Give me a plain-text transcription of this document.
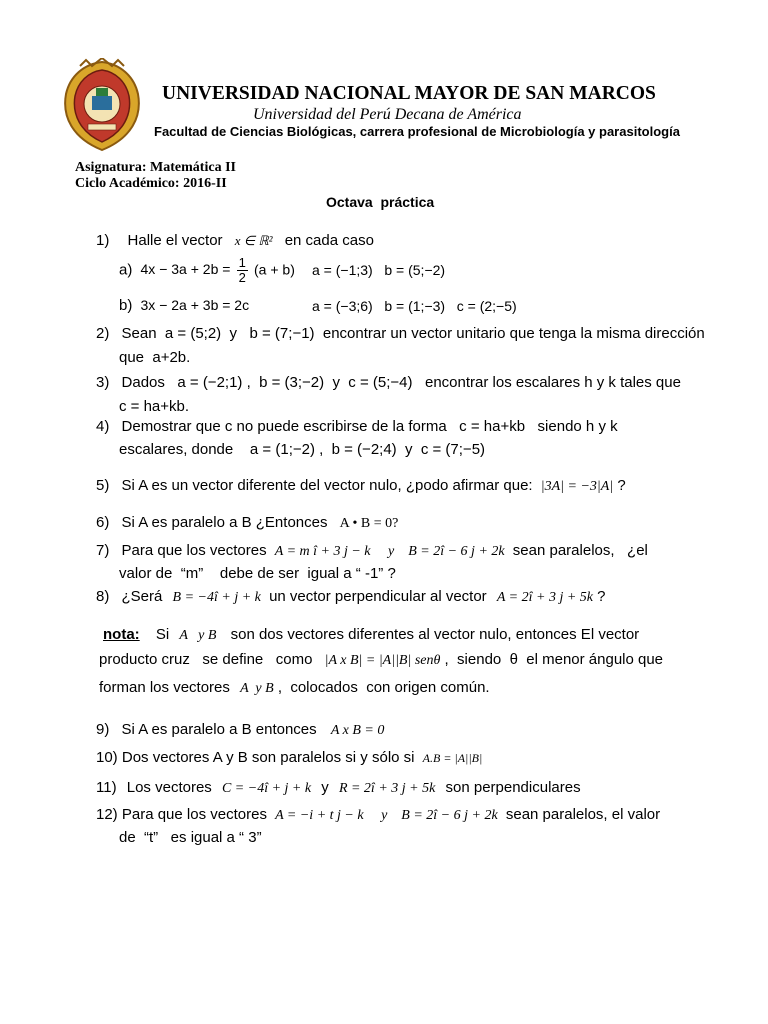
UNIVERSIDAD NACIONAL MAYOR DE SAN MARCOS
Universidad del Perú Decana de América
Facultad de Ciencias Biológicas, carrera profesional de Microbiología y parasitología
Asignatura: Matemática II
Ciclo Académico: 2016-II
Octava  práctica
1) Halle el vector x ∈ ℝ² en cada caso
a) $4x - 3a + 2b = \frac{1}{2} (a + b) a$ = (−1;3)   b = (5;−2)
b) 3x − 2a + 3b = 2c	a = (−3;6)   b = (1;−3)   c = (2;−5)
2) Sean  a = (5;2)  y   b = (7;−1)  encontrar un vector unitario que tenga la misma dirección
que  a+2b.
3) Dados   a = (−2;1) ,  b = (3;−2)  y  c = (5;−4)   encontrar los escalares h y k tales que
c = ha+kb.
4) Demostrar que c no puede escribirse de la forma   c = ha+kb   siendo h y k
escalares, donde    a = (1;−2) ,  b = (−2;4)  y  c = (7;−5)
5) Si A es un vector diferente del vector nulo, ¿podo afirmar que: |3A| = −3|A| ?
6) Si A es paralelo a B ¿Entonces A • B = 0?
7) Para que los vectores A = m î + 3 j − k     y    B = 2î − 6 j + 2k sean paralelos,   ¿el
valor de  “m”    debe de ser  igual a “ -1” ?
8) ¿Será B = −4î + j + k un vector perpendicular al vector A = 2î + 3 j + 5k ?
nota: Si A   y B son dos vectores diferentes al vector nulo, entonces El vector
producto cruz   se define   como |A x B| = |A||B| senθ ,  siendo  θ  el menor ángulo que
forman los vectores A  y B ,  colocados  con origen común.
9) Si A es paralelo a B entonces A x B = 0
10) Dos vectores A y B son paralelos si y sólo si A.B = |A||B|
11) Los vectores C = −4î + j + k y R = 2î + 3 j + 5k son perpendiculares
12) Para que los vectores A = −i + t j − k     y    B = 2î − 6 j + 2k sean paralelos, el valor
de  “t”   es igual a “ 3”
